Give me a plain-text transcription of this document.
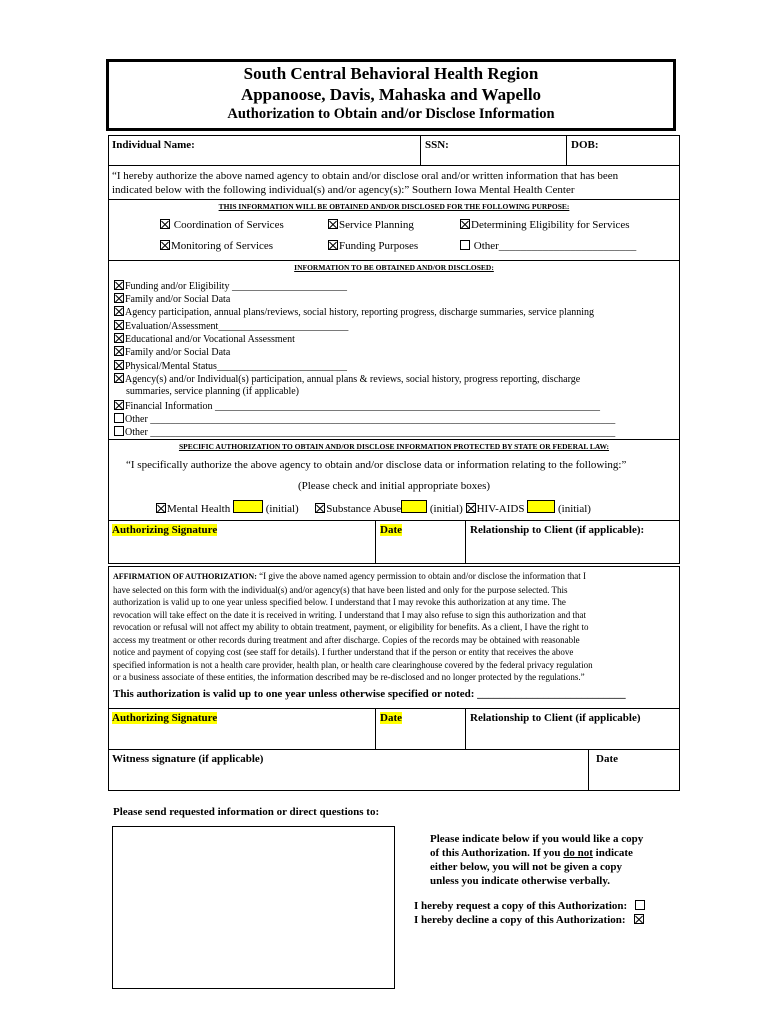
South Central Behavioral Health Region
Appanoose, Davis, Mahaska and Wapello
Authorization to Obtain and/or Disclose Information
Individual Name:	SSN:	DOB:
“I hereby authorize the above named agency to obtain and/or disclose oral and/or written information that has been
indicated below with the following individual(s) and/or agency(s):” Southern Iowa Mental Health Center
THIS INFORMATION WILL BE OBTAINED AND/OR DISCLOSED FOR THE FOLLOWING PURPOSE:
Coordination of Services	Service Planning	Determining Eligibility for Services
Monitoring of Services	Funding Purposes	Other_________________________
INFORMATION TO BE OBTAINED AND/OR DISCLOSED:
Funding and/or Eligibility _______________________
Family and/or Social Data
Agency participation, annual plans/reviews, social history, reporting progress, discharge summaries, service planning
Evaluation/Assessment__________________________
Educational and/or Vocational Assessment
Family and/or Social Data
Physical/Mental Status__________________________
Agency(s) and/or Individual(s) participation, annual plans & reviews, social history, progress reporting, discharge
summaries, service planning (if applicable)
Financial Information _____________________________________________________________________________
Other _____________________________________________________________________________________________
Other _____________________________________________________________________________________________
SPECIFIC AUTHORIZATION TO OBTAIN AND/OR DISCLOSE INFORMATION PROTECTED BY STATE OR FEDERAL LAW:
“I specifically authorize the above agency to obtain and/or disclose data or information relating to the following:”
(Please check and initial appropriate boxes)
Mental Health	(initial)	Substance Abuse	(initial) HIV-AIDS	(initial)
Authorizing Signature	Date	Relationship to Client (if applicable):
AFFIRMATION OF AUTHORIZATION: “I give the above named agency permission to obtain and/or disclose the information that I
have selected on this form with the individual(s) and/or agency(s) that have been listed and only for the purpose selected. This
authorization is valid up to one year unless specified below. I understand that I may revoke this authorization at any time. The
revocation will take effect on the date it is received in writing. I understand that I may also refuse to sign this authorization and that
revocation or refusal will not affect my ability to obtain treatment, payment, or eligibility for benefits. As a client, I have the right to
access my treatment or other records during treatment and after discharge. Copies of the records may be obtained with reasonable
notice and payment of copying cost (see staff for details). I further understand that if the person or entity that receives the above
specified information is not a health care provider, health plan, or health care clearinghouse covered by the federal privacy regulation
or a business associate of these entities, the information described may be re-disclosed and no longer protected by the regulations.”
This authorization is valid up to one year unless otherwise specified or noted: ___________________________
Authorizing Signature	Date	Relationship to Client (if applicable)
Witness signature (if applicable)	Date
Please send requested information or direct questions to:
Please indicate below if you would like a copy
of this Authorization. If you do not indicate
either below, you will not be given a copy
unless you indicate otherwise verbally.
I hereby request a copy of this Authorization:
I hereby decline a copy of this Authorization:
